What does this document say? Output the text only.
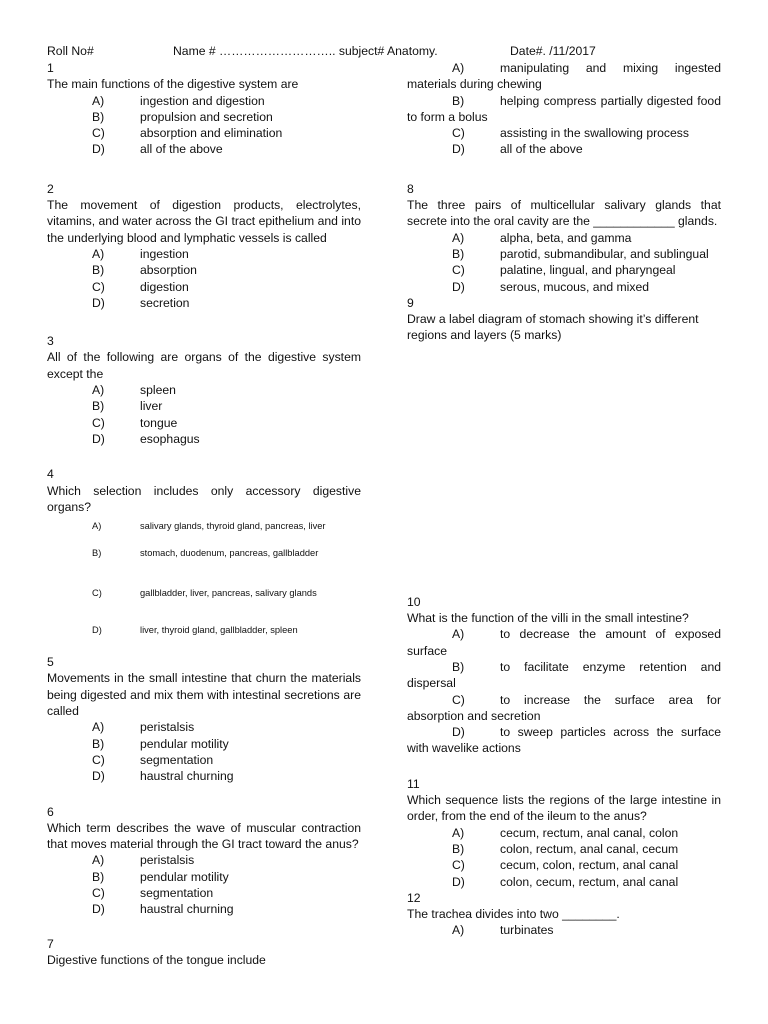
Roll No#	Name # ……………………….. subject# Anatomy.	Date#. /11/2017
1
The main functions of the digestive system are
A)	ingestion and digestion
B)	propulsion and secretion
C)	absorption and elimination
D)	all of the above
2
The movement of digestion products, electrolytes, vitamins, and water across the GI tract epithelium and into the underlying blood and lymphatic vessels is called
A)	ingestion
B)	absorption
C)	digestion
D)	secretion
3
All of the following are organs of the digestive system except the
A)	spleen
B)	liver
C)	tongue
D)	esophagus
4
Which selection includes only accessory digestive organs?
A)	salivary glands, thyroid gland, pancreas, liver
B)	stomach, duodenum, pancreas, gallbladder
C)	gallbladder, liver, pancreas, salivary glands
D)	liver, thyroid gland, gallbladder, spleen
5
Movements in the small intestine that churn the materials being digested and mix them with intestinal secretions are called
A)	peristalsis
B)	pendular motility
C)	segmentation
D)	haustral churning
6
Which term describes the wave of muscular contraction that moves material through the GI tract toward the anus?
A)	peristalsis
B)	pendular motility
C)	segmentation
D)	haustral churning
7
Digestive functions of the tongue include
A)	manipulating and mixing ingested materials during chewing
B)	helping compress partially digested food to form a bolus
C)	assisting in the swallowing process
D)	all of the above
8
The three pairs of multicellular salivary glands that secrete into the oral cavity are the ____________ glands.
A)	alpha, beta, and gamma
B)	parotid, submandibular, and sublingual
C)	palatine, lingual, and pharyngeal
D)	serous, mucous, and mixed
9
Draw a label diagram of stomach showing it’s different regions and layers (5 marks)
10
What is the function of the villi in the small intestine?
A)	to decrease the amount of exposed surface
B)	to facilitate enzyme retention and dispersal
C)	to increase the surface area for absorption and secretion
D)	to sweep particles across the surface with wavelike actions
11
Which sequence lists the regions of the large intestine in order, from the end of the ileum to the anus?
A)	cecum, rectum, anal canal, colon
B)	colon, rectum, anal canal, cecum
C)	cecum, colon, rectum, anal canal
D)	colon, cecum, rectum, anal canal
12
The trachea divides into two ________.
A)	turbinates
